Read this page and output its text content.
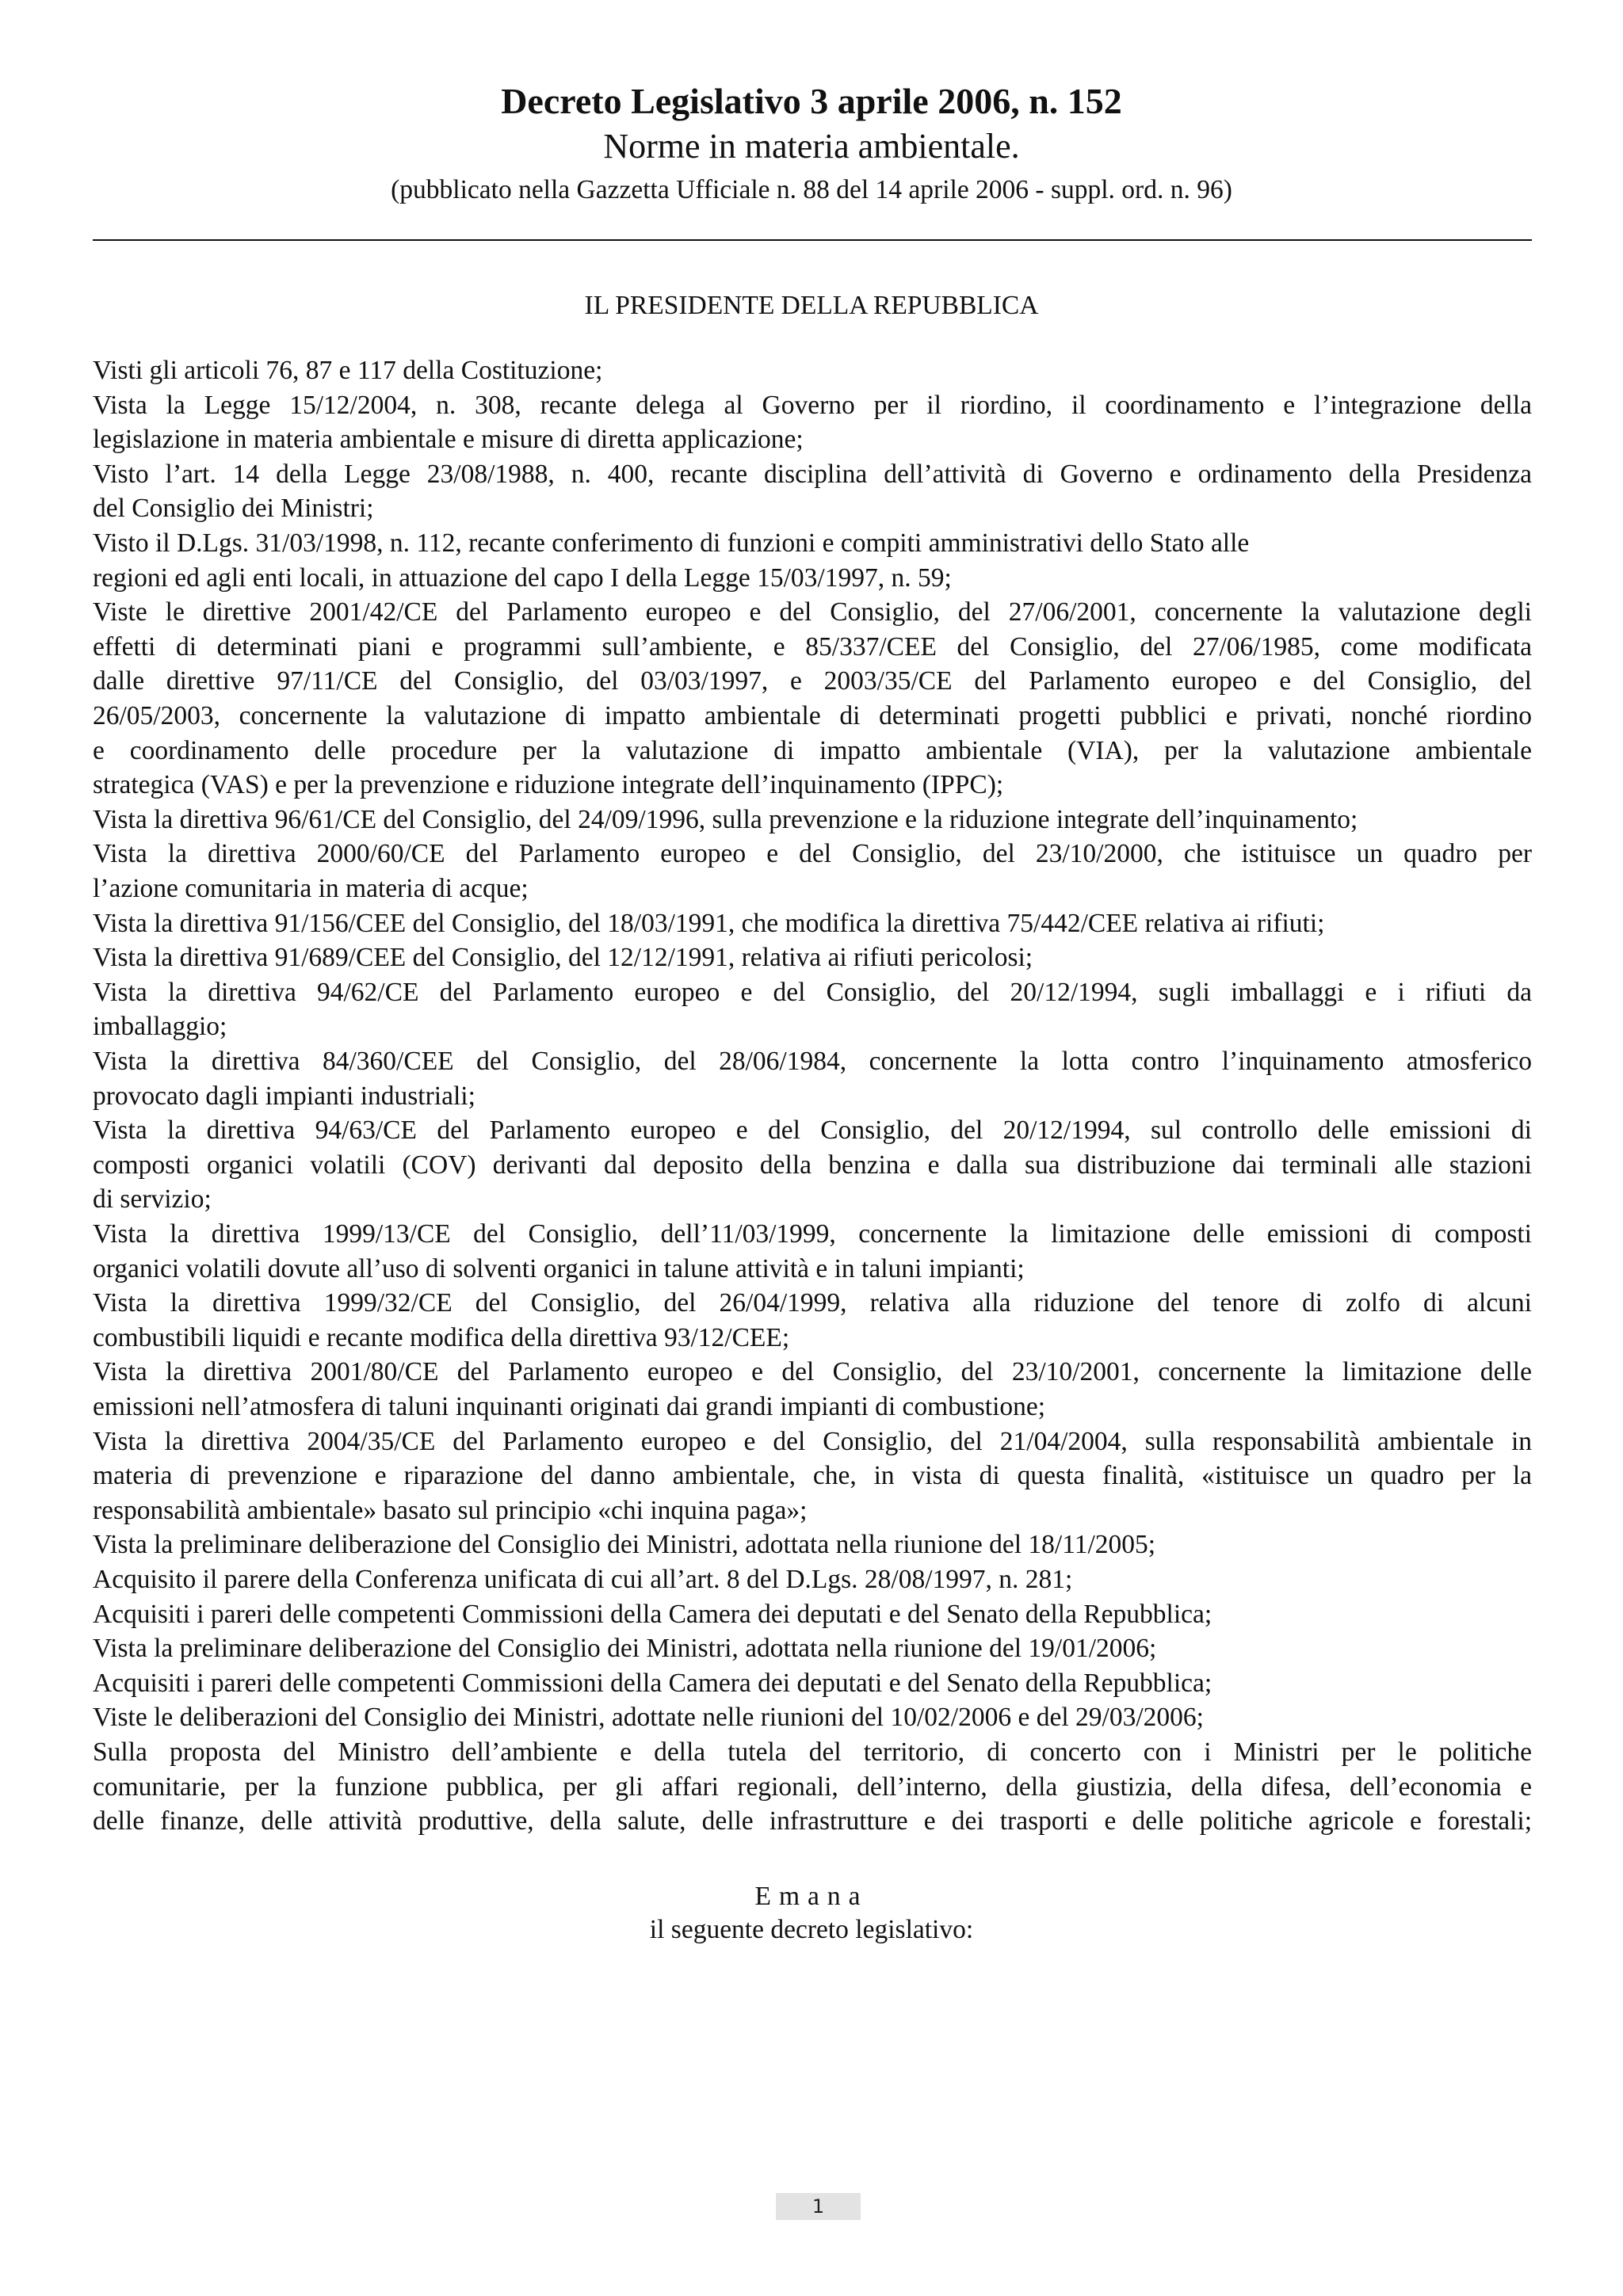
Decreto Legislativo 3 aprile 2006, n. 152
Norme in materia ambientale.
(pubblicato nella Gazzetta Ufficiale n. 88 del 14 aprile 2006 - suppl. ord. n. 96)
IL PRESIDENTE DELLA REPUBBLICA
Visti gli articoli 76, 87 e 117 della Costituzione;
Vista la Legge 15/12/2004, n. 308, recante delega al Governo per il riordino, il coordinamento e l’integrazione della
legislazione in materia ambientale e misure di diretta applicazione;
Visto l’art. 14 della Legge 23/08/1988, n. 400, recante disciplina dell’attività di Governo e ordinamento della Presidenza
del Consiglio dei Ministri;
Visto il D.Lgs. 31/03/1998, n. 112, recante conferimento di funzioni e compiti amministrativi dello Stato alle
regioni ed agli enti locali, in attuazione del capo I della Legge 15/03/1997, n. 59;
Viste le direttive 2001/42/CE del Parlamento europeo e del Consiglio, del 27/06/2001, concernente la valutazione degli
effetti di determinati piani e programmi sull’ambiente, e 85/337/CEE del Consiglio, del 27/06/1985, come modificata
dalle direttive 97/11/CE del Consiglio, del 03/03/1997, e 2003/35/CE del Parlamento europeo e del Consiglio, del
26/05/2003, concernente la valutazione di impatto ambientale di determinati progetti pubblici e privati, nonché riordino
e coordinamento delle procedure per la valutazione di impatto ambientale (VIA), per la valutazione ambientale
strategica (VAS) e per la prevenzione e riduzione integrate dell’inquinamento (IPPC);
Vista la direttiva 96/61/CE del Consiglio, del 24/09/1996, sulla prevenzione e la riduzione integrate dell’inquinamento;
Vista la direttiva 2000/60/CE del Parlamento europeo e del Consiglio, del 23/10/2000, che istituisce un quadro per
l’azione comunitaria in materia di acque;
Vista la direttiva 91/156/CEE del Consiglio, del 18/03/1991, che modifica la direttiva 75/442/CEE relativa ai rifiuti;
Vista la direttiva 91/689/CEE del Consiglio, del 12/12/1991, relativa ai rifiuti pericolosi;
Vista la direttiva 94/62/CE del Parlamento europeo e del Consiglio, del 20/12/1994, sugli imballaggi e i rifiuti da
imballaggio;
Vista la direttiva 84/360/CEE del Consiglio, del 28/06/1984, concernente la lotta contro l’inquinamento atmosferico
provocato dagli impianti industriali;
Vista la direttiva 94/63/CE del Parlamento europeo e del Consiglio, del 20/12/1994, sul controllo delle emissioni di
composti organici volatili (COV) derivanti dal deposito della benzina e dalla sua distribuzione dai terminali alle stazioni
di servizio;
Vista la direttiva 1999/13/CE del Consiglio, dell’11/03/1999, concernente la limitazione delle emissioni di composti
organici volatili dovute all’uso di solventi organici in talune attività e in taluni impianti;
Vista la direttiva 1999/32/CE del Consiglio, del 26/04/1999, relativa alla riduzione del tenore di zolfo di alcuni
combustibili liquidi e recante modifica della direttiva 93/12/CEE;
Vista la direttiva 2001/80/CE del Parlamento europeo e del Consiglio, del 23/10/2001, concernente la limitazione delle
emissioni nell’atmosfera di taluni inquinanti originati dai grandi impianti di combustione;
Vista la direttiva 2004/35/CE del Parlamento europeo e del Consiglio, del 21/04/2004, sulla responsabilità ambientale in
materia di prevenzione e riparazione del danno ambientale, che, in vista di questa finalità, «istituisce un quadro per la
responsabilità ambientale» basato sul principio «chi inquina paga»;
Vista la preliminare deliberazione del Consiglio dei Ministri, adottata nella riunione del 18/11/2005;
Acquisito il parere della Conferenza unificata di cui all’art. 8 del D.Lgs. 28/08/1997, n. 281;
Acquisiti i pareri delle competenti Commissioni della Camera dei deputati e del Senato della Repubblica;
Vista la preliminare deliberazione del Consiglio dei Ministri, adottata nella riunione del 19/01/2006;
Acquisiti i pareri delle competenti Commissioni della Camera dei deputati e del Senato della Repubblica;
Viste le deliberazioni del Consiglio dei Ministri, adottate nelle riunioni del 10/02/2006 e del 29/03/2006;
Sulla proposta del Ministro dell’ambiente e della tutela del territorio, di concerto con i Ministri per le politiche
comunitarie, per la funzione pubblica, per gli affari regionali, dell’interno, della giustizia, della difesa, dell’economia e
delle finanze, delle attività produttive, della salute, delle infrastrutture e dei trasporti e delle politiche agricole e forestali;
Emana
il seguente decreto legislativo:
1
